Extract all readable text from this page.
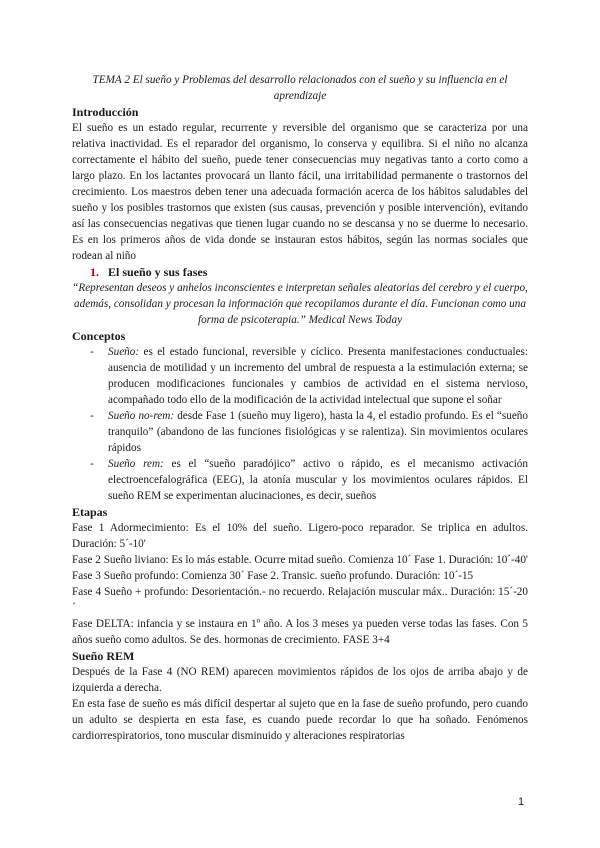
TEMA 2 El sueño y Problemas del desarrollo relacionados con el sueño y su influencia en el aprendizaje

Introducción

El sueño es un estado regular, recurrente y reversible del organismo que se caracteriza por una relativa inactividad. Es el reparador del organismo, lo conserva y equilibra. Si el niño no alcanza correctamente el hábito del sueño, puede tener consecuencias muy negativas tanto a corto como a largo plazo. En los lactantes provocará un llanto fácil, una irritabilidad permanente o trastornos del crecimiento. Los maestros deben tener una adecuada formación acerca de los hábitos saludables del sueño y los posibles trastornos que existen (sus causas, prevención y posible intervención), evitando así las consecuencias negativas que tienen lugar cuando no se descansa y no se duerme lo necesario. Es en los primeros años de vida donde se instauran estos hábitos, según las normas sociales que rodean al niño

1. El sueño y sus fases

“Representan deseos y anhelos inconscientes e interpretan señales aleatorias del cerebro y el cuerpo, además, consolidan y procesan la información que recopilamos durante el día. Funcionan como una forma de psicoterapia.” Medical News Today

Conceptos
-	Sueño: es el estado funcional, reversible y cíclico. Presenta manifestaciones conductuales: ausencia de motilidad y un incremento del umbral de respuesta a la estimulación externa; se producen modificaciones funcionales y cambios de actividad en el sistema nervioso, acompañado todo ello de la modificación de la actividad intelectual que supone el soñar
-	Sueño no-rem: desde Fase 1 (sueño muy ligero), hasta la 4, el estadio profundo. Es el “sueño tranquilo” (abandono de las funciones fisiológicas y se ralentiza). Sin movimientos oculares rápidos
-	Sueño rem: es el “sueño paradójico” activo o rápido, es el mecanismo activación electroencefalográfica (EEG), la atonía muscular y los movimientos oculares rápidos. El sueño REM se experimentan alucinaciones, es decir, sueños
Etapas

Fase 1 Adormecimiento: Es el 10% del sueño. Ligero-poco reparador. Se triplica en adultos. Duración: 5´-10'

Fase 2 Sueño liviano: Es lo más estable. Ocurre mitad sueño. Comienza 10´ Fase 1. Duración: 10´-40'

Fase 3 Sueño profundo: Comienza 30´ Fase 2. Transic. sueño profundo. Duración: 10´-15

Fase 4 Sueño + profundo: Desorientación.- no recuerdo. Relajación muscular máx.. Duración: 15´-20´

Fase DELTA: infancia y se instaura en 1º año. A los 3 meses ya pueden verse todas las fases. Con 5 años sueño como adultos. Se des. hormonas de crecimiento. FASE 3+4

Sueño REM

Después de la Fase 4 (NO REM) aparecen movimientos rápidos de los ojos de arriba abajo y de izquierda a derecha.

En esta fase de sueño es más difícil despertar al sujeto que en la fase de sueño profundo, pero cuando un adulto se despierta en esta fase, es cuando puede recordar lo que ha soñado. Fenómenos cardiorrespiratorios, tono muscular disminuido y alteraciones respiratorias

1
